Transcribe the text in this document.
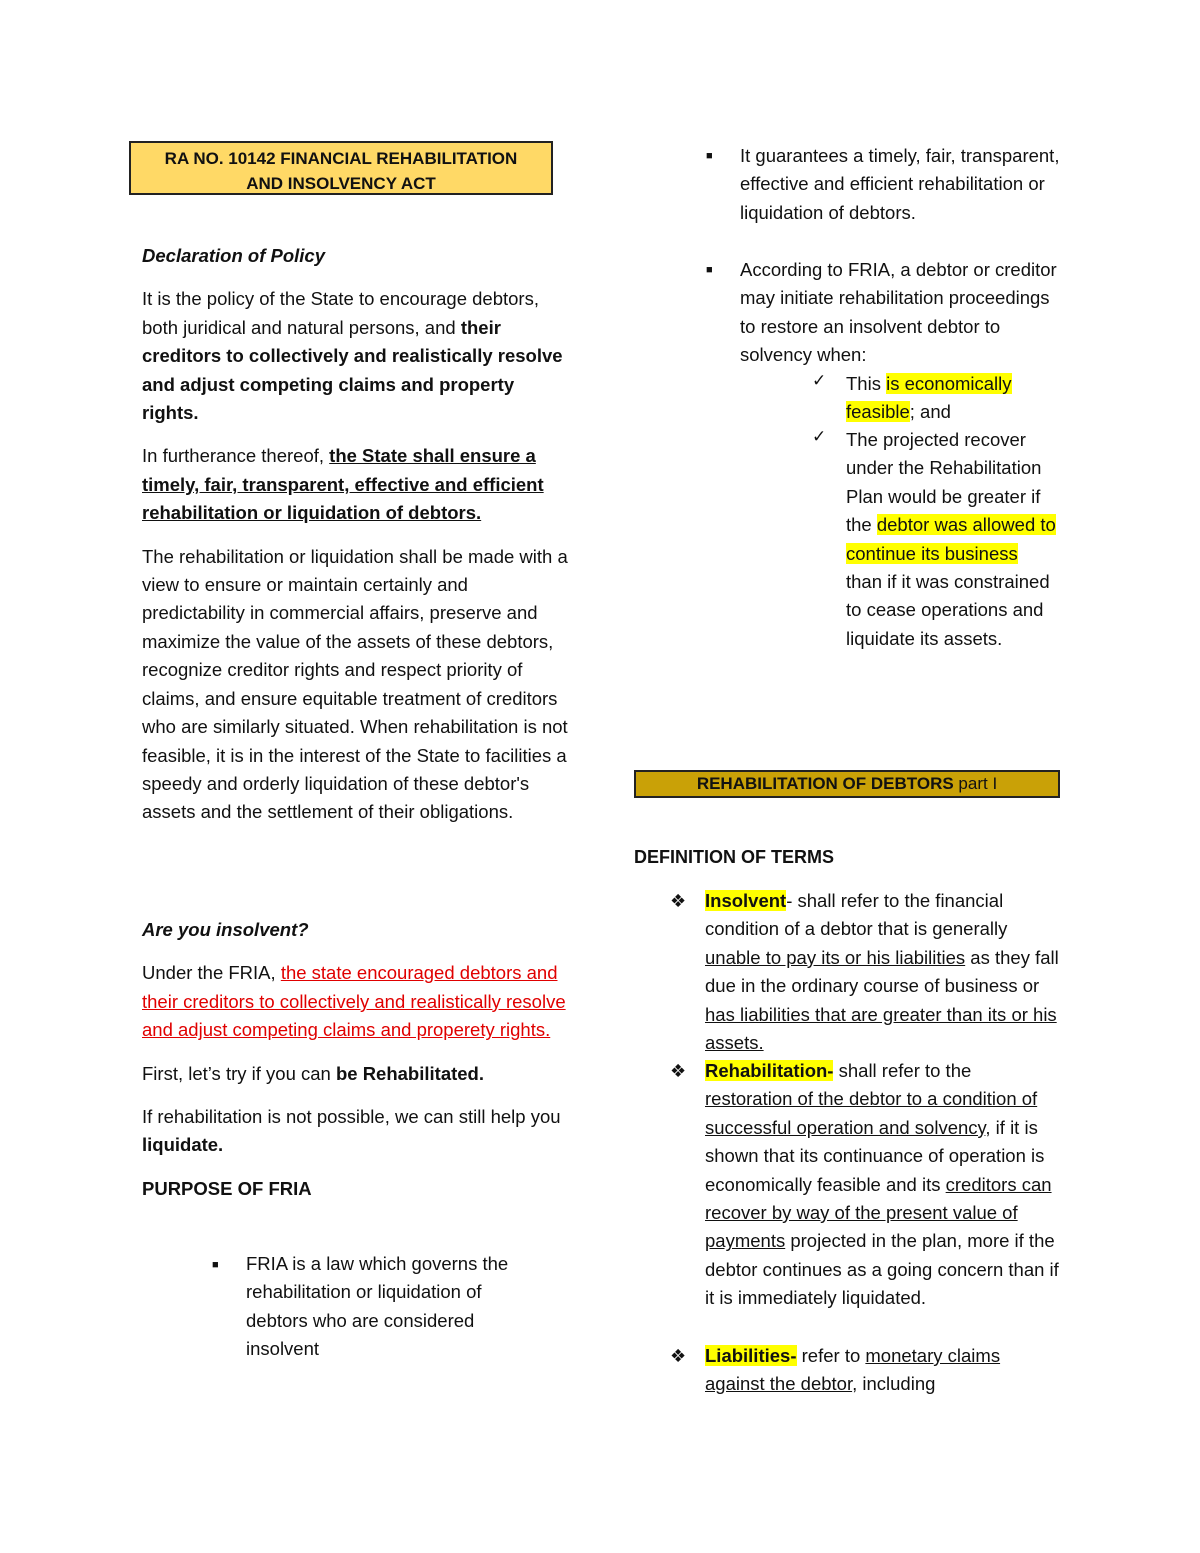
RA NO. 10142 FINANCIAL REHABILITATION
AND INSOLVENCY ACT

Declaration of Policy

It is the policy of the State to encourage debtors, both juridical and natural persons, and their creditors to collectively and realistically resolve and adjust competing claims and property rights.

In furtherance thereof, the State shall ensure a timely, fair, transparent, effective and efficient rehabilitation or liquidation of debtors.

The rehabilitation or liquidation shall be made with a view to ensure or maintain certainly and predictability in commercial affairs, preserve and maximize the value of the assets of these debtors, recognize creditor rights and respect priority of claims, and ensure equitable treatment of creditors who are similarly situated. When rehabilitation is not feasible, it is in the interest of the State to facilities a speedy and orderly liquidation of these debtor's assets and the settlement of their obligations.

Are you insolvent?

Under the FRIA, the state encouraged debtors and their creditors to collectively and realistically resolve and adjust competing claims and properety rights.

First, let’s try if you can be Rehabilitated.

If rehabilitation is not possible, we can still help you liquidate.

PURPOSE OF FRIA

■ FRIA is a law which governs the rehabilitation or liquidation of debtors who are considered insolvent
■ It guarantees a timely, fair, transparent, effective and efficient rehabilitation or liquidation of debtors.
■ According to FRIA, a debtor or creditor may initiate rehabilitation proceedings to restore an insolvent debtor to solvency when:
✓ This is economically feasible; and
✓ The projected recover under the Rehabilitation Plan would be greater if the debtor was allowed to continue its business than if it was constrained to cease operations and liquidate its assets.
REHABILITATION OF DEBTORS part I
DEFINITION OF TERMS
❖ Insolvent- shall refer to the financial condition of a debtor that is generally unable to pay its or his liabilities as they fall due in the ordinary course of business or has liabilities that are greater than its or his assets.
❖ Rehabilitation- shall refer to the restoration of the debtor to a condition of successful operation and solvency, if it is shown that its continuance of operation is economically feasible and its creditors can recover by way of the present value of payments projected in the plan, more if the debtor continues as a going concern than if it is immediately liquidated.
❖ Liabilities- refer to monetary claims against the debtor, including
